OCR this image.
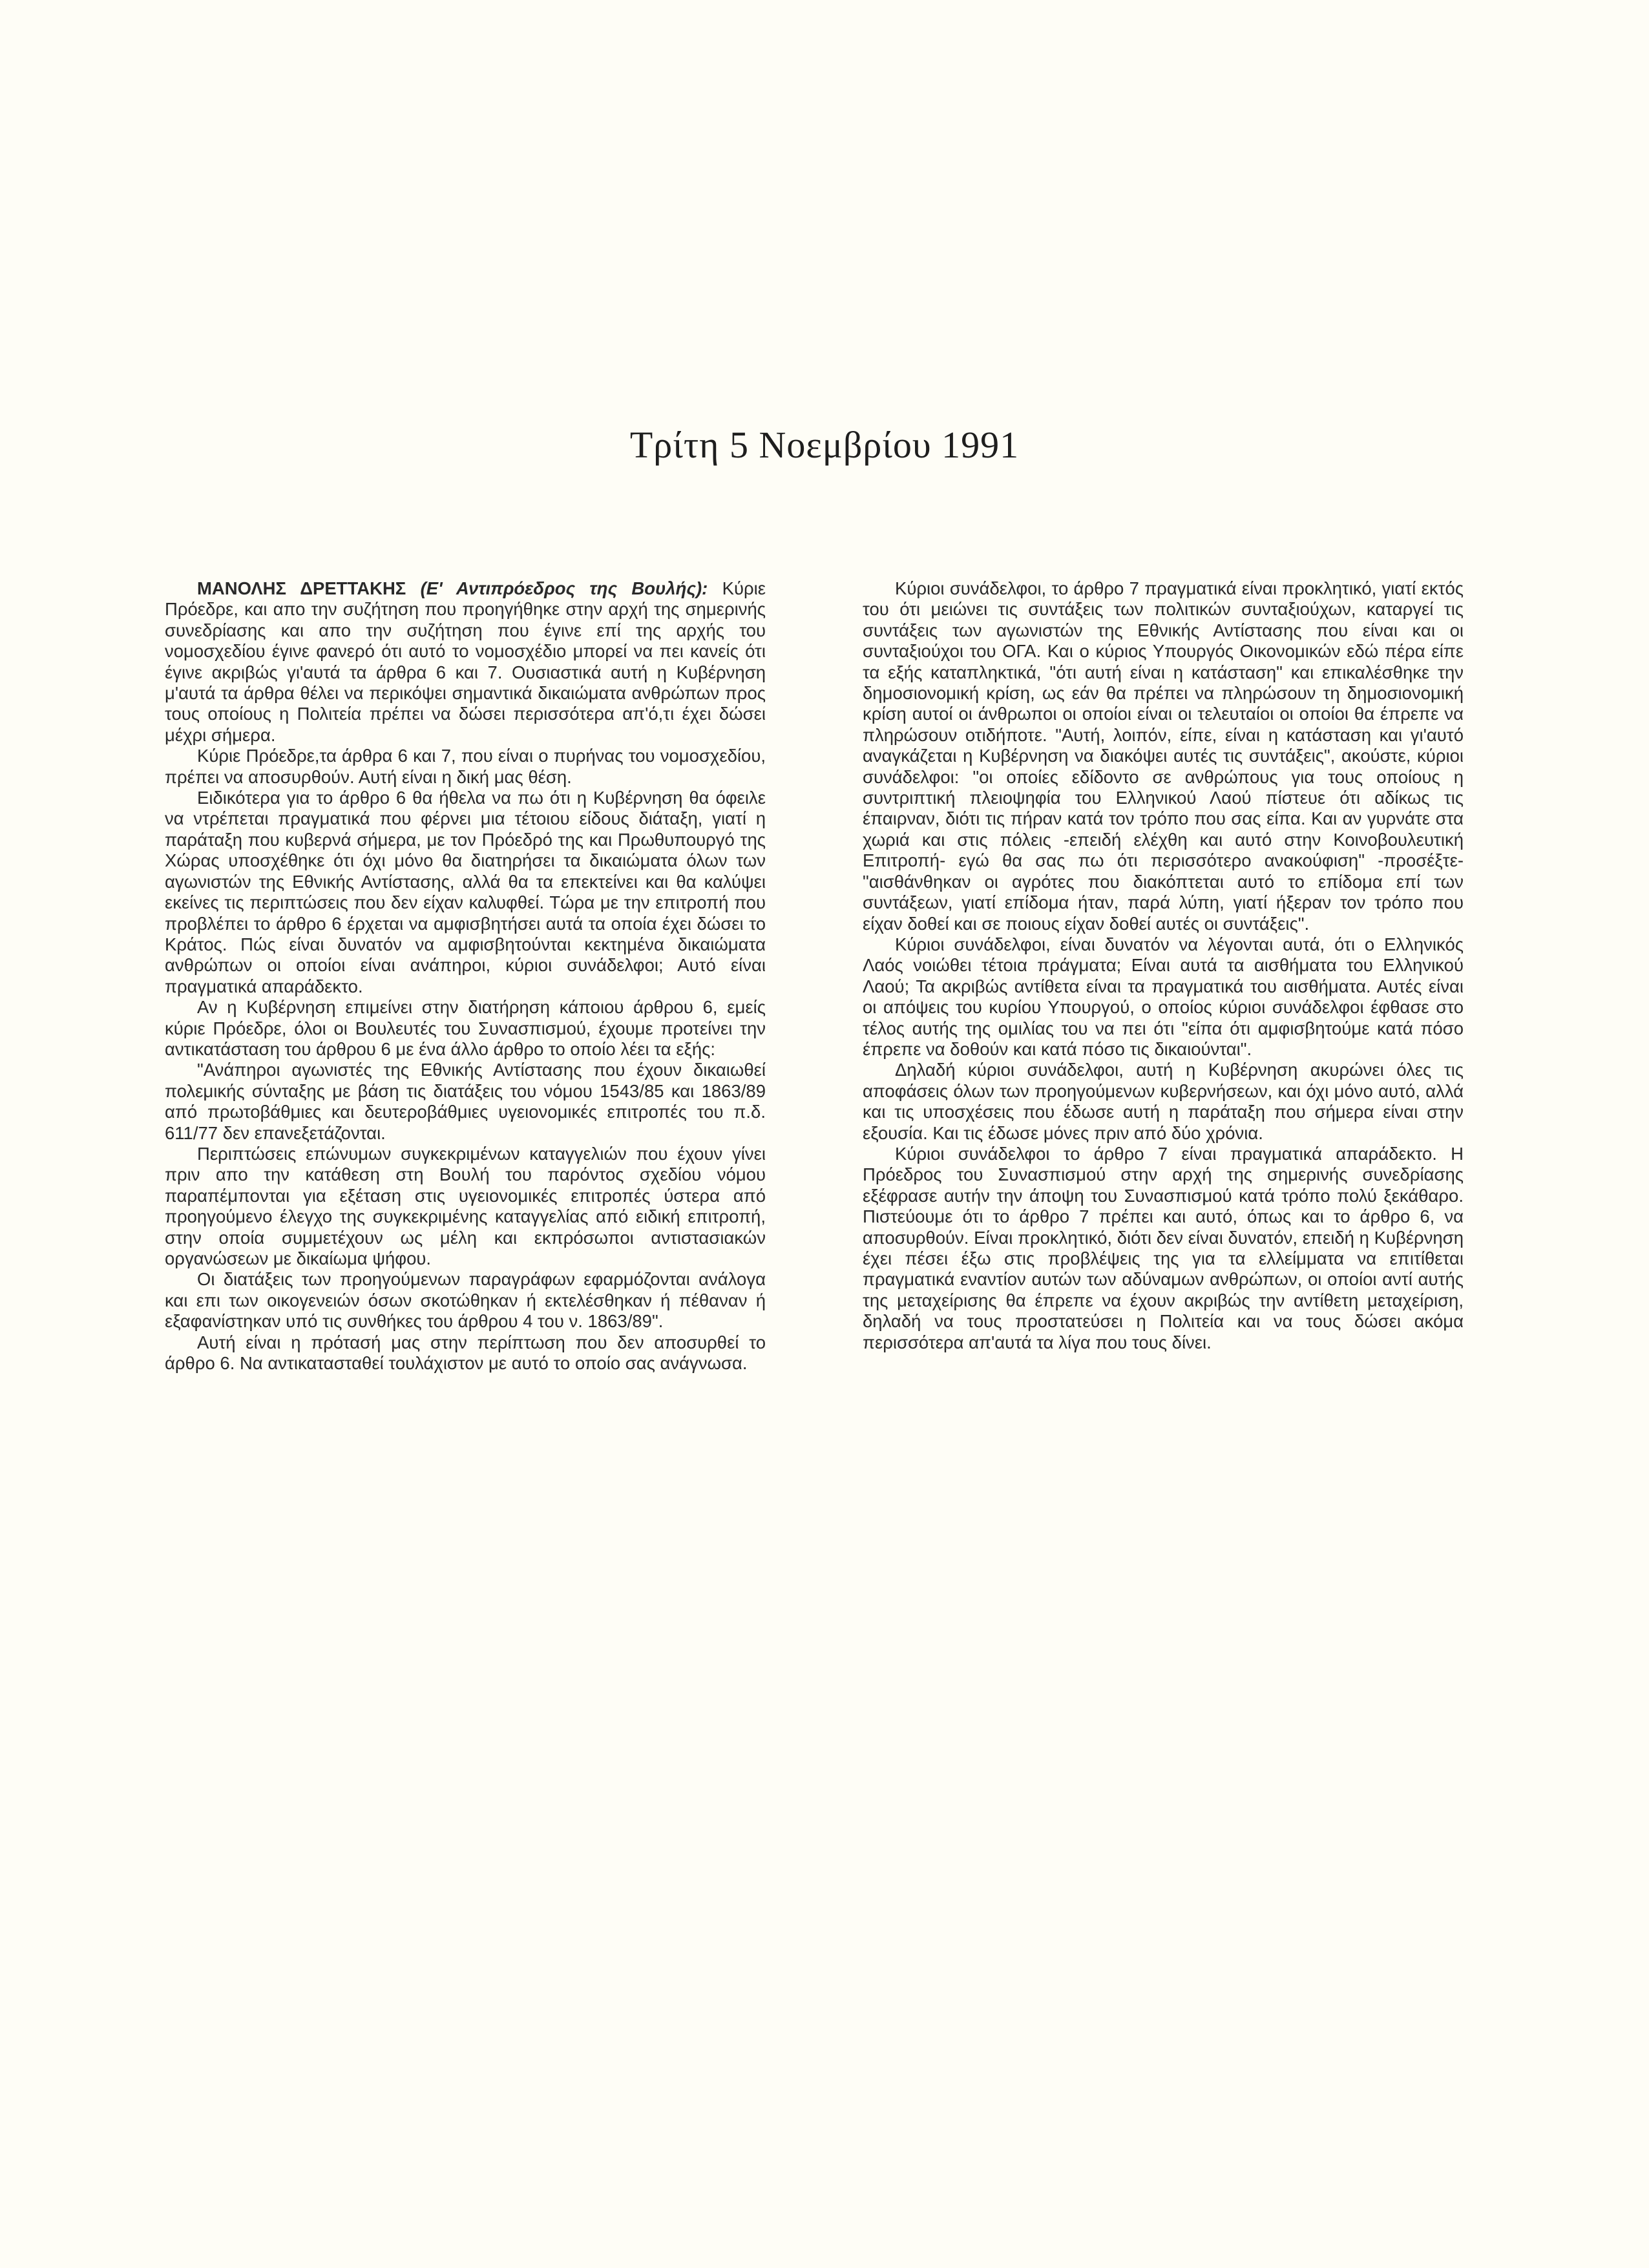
Τρίτη 5 Νοεμβρίου 1991

ΜΑΝΟΛΗΣ ΔΡΕΤΤΑΚΗΣ (Ε' Αντιπρόεδρος της Βουλής): Κύριε Πρόεδρε, και απο την συζήτηση που προηγήθηκε στην αρχή της σημερινής συνεδρίασης και απο την συζήτηση που έγινε επί της αρχής του νομοσχεδίου έγινε φανερό ότι αυτό το νομοσχέδιο μπορεί να πει κανείς ότι έγινε ακριβώς γι'αυτά τα άρθρα 6 και 7. Ουσιαστικά αυτή η Κυβέρνηση μ'αυτά τα άρθρα θέλει να περικόψει σημαντικά δικαιώματα ανθρώπων προς τους οποίους η Πολιτεία πρέπει να δώσει περισσότερα απ'ό,τι έχει δώσει μέχρι σήμερα.

Κύριε Πρόεδρε,τα άρθρα 6 και 7, που είναι ο πυρήνας του νομοσχεδίου, πρέπει να αποσυρθούν. Αυτή είναι η δική μας θέση.

Ειδικότερα για το άρθρο 6 θα ήθελα να πω ότι η Κυβέρνηση θα όφειλε να ντρέπεται πραγματικά που φέρνει μια τέτοιου είδους διάταξη, γιατί η παράταξη που κυβερνά σήμερα, με τον Πρόεδρό της και Πρωθυπουργό της Χώρας υποσχέθηκε ότι όχι μόνο θα διατηρήσει τα δικαιώματα όλων των αγωνιστών της Εθνικής Αντίστασης, αλλά θα τα επεκτείνει και θα καλύψει εκείνες τις περιπτώσεις που δεν είχαν καλυφθεί. Τώρα με την επιτροπή που προβλέπει το άρθρο 6 έρχεται να αμφισβητήσει αυτά τα οποία έχει δώσει το Κράτος. Πώς είναι δυνατόν να αμφισβητούνται κεκτημένα δικαιώματα ανθρώπων οι οποίοι είναι ανάπηροι, κύριοι συνάδελφοι; Αυτό είναι πραγματικά απαράδεκτο.

Αν η Κυβέρνηση επιμείνει στην διατήρηση κάποιου άρθρου 6, εμείς κύριε Πρόεδρε, όλοι οι Βουλευτές του Συνασπισμού, έχουμε προτείνει την αντικατάσταση του άρθρου 6 με ένα άλλο άρθρο το οποίο λέει τα εξής:

"Ανάπηροι αγωνιστές της Εθνικής Αντίστασης που έχουν δικαιωθεί πολεμικής σύνταξης με βάση τις διατάξεις του νόμου 1543/85 και 1863/89 από πρωτοβάθμιες και δευτεροβάθμιες υγειονομικές επιτροπές του π.δ. 611/77 δεν επανεξετάζονται.

Περιπτώσεις επώνυμων συγκεκριμένων καταγγελιών που έχουν γίνει πριν απο την κατάθεση στη Βουλή του παρόντος σχεδίου νόμου παραπέμπονται για εξέταση στις υγειονομικές επιτροπές ύστερα από προηγούμενο έλεγχο της συγκεκριμένης καταγγελίας από ειδική επιτροπή, στην οποία συμμετέχουν ως μέλη και εκπρόσωποι αντιστασιακών οργανώσεων με δικαίωμα ψήφου.

Οι διατάξεις των προηγούμενων παραγράφων εφαρμόζονται ανάλογα και επι των οικογενειών όσων σκοτώθηκαν ή εκτελέσθηκαν ή πέθαναν ή εξαφανίστηκαν υπό τις συνθήκες του άρθρου 4 του ν. 1863/89".

Αυτή είναι η πρότασή μας στην περίπτωση που δεν αποσυρθεί το άρθρο 6. Να αντικατασταθεί τουλάχιστον με αυτό το οποίο σας ανάγνωσα.

Κύριοι συνάδελφοι, το άρθρο 7 πραγματικά είναι προκλητικό, γιατί εκτός του ότι μειώνει τις συντάξεις των πολιτικών συνταξιούχων, καταργεί τις συντάξεις των αγωνιστών της Εθνικής Αντίστασης που είναι και οι συνταξιούχοι του ΟΓΑ. Και ο κύριος Υπουργός Οικονομικών εδώ πέρα είπε τα εξής καταπληκτικά, "ότι αυτή είναι η κατάσταση" και επικαλέσθηκε την δημοσιονομική κρίση, ως εάν θα πρέπει να πληρώσουν τη δημοσιονομική κρίση αυτοί οι άνθρωποι οι οποίοι είναι οι τελευταίοι οι οποίοι θα έπρεπε να πληρώσουν οτιδήποτε. "Αυτή, λοιπόν, είπε, είναι η κατάσταση και γι'αυτό αναγκάζεται η Κυβέρνηση να διακόψει αυτές τις συντάξεις", ακούστε, κύριοι συνάδελφοι: "οι οποίες εδίδοντο σε ανθρώπους για τους οποίους η συντριπτική πλειοψηφία του Ελληνικού Λαού πίστευε ότι αδίκως τις έπαιρναν, διότι τις πήραν κατά τον τρόπο που σας είπα. Και αν γυρνάτε στα χωριά και στις πόλεις -επειδή ελέχθη και αυτό στην Κοινοβουλευτική Επιτροπή- εγώ θα σας πω ότι περισσότερο ανακούφιση" -προσέξτε-"αισθάνθηκαν οι αγρότες που διακόπτεται αυτό το επίδομα επί των συντάξεων, γιατί επίδομα ήταν, παρά λύπη, γιατί ήξεραν τον τρόπο που είχαν δοθεί και σε ποιους είχαν δοθεί αυτές οι συντάξεις".

Κύριοι συνάδελφοι, είναι δυνατόν να λέγονται αυτά, ότι ο Ελληνικός Λαός νοιώθει τέτοια πράγματα; Είναι αυτά τα αισθήματα του Ελληνικού Λαού; Τα ακριβώς αντίθετα είναι τα πραγματικά του αισθήματα. Αυτές είναι οι απόψεις του κυρίου Υπουργού, ο οποίος κύριοι συνάδελφοι έφθασε στο τέλος αυτής της ομιλίας του να πει ότι "είπα ότι αμφισβητούμε κατά πόσο έπρεπε να δοθούν και κατά πόσο τις δικαιούνται".

Δηλαδή κύριοι συνάδελφοι, αυτή η Κυβέρνηση ακυρώνει όλες τις αποφάσεις όλων των προηγούμενων κυβερνήσεων, και όχι μόνο αυτό, αλλά και τις υποσχέσεις που έδωσε αυτή η παράταξη που σήμερα είναι στην εξουσία. Και τις έδωσε μόνες πριν από δύο χρόνια.

Κύριοι συνάδελφοι το άρθρο 7 είναι πραγματικά απαράδεκτο. Η Πρόεδρος του Συνασπισμού στην αρχή της σημερινής συνεδρίασης εξέφρασε αυτήν την άποψη του Συνασπισμού κατά τρόπο πολύ ξεκάθαρο. Πιστεύουμε ότι το άρθρο 7 πρέπει και αυτό, όπως και το άρθρο 6, να αποσυρθούν. Είναι προκλητικό, διότι δεν είναι δυνατόν, επειδή η Κυβέρνηση έχει πέσει έξω στις προβλέψεις της για τα ελλείμματα να επιτίθεται πραγματικά εναντίον αυτών των αδύναμων ανθρώπων, οι οποίοι αντί αυτής της μεταχείρισης θα έπρεπε να έχουν ακριβώς την αντίθετη μεταχείριση, δηλαδή να τους προστατεύσει η Πολιτεία και να τους δώσει ακόμα περισσότερα απ'αυτά τα λίγα που τους δίνει.
